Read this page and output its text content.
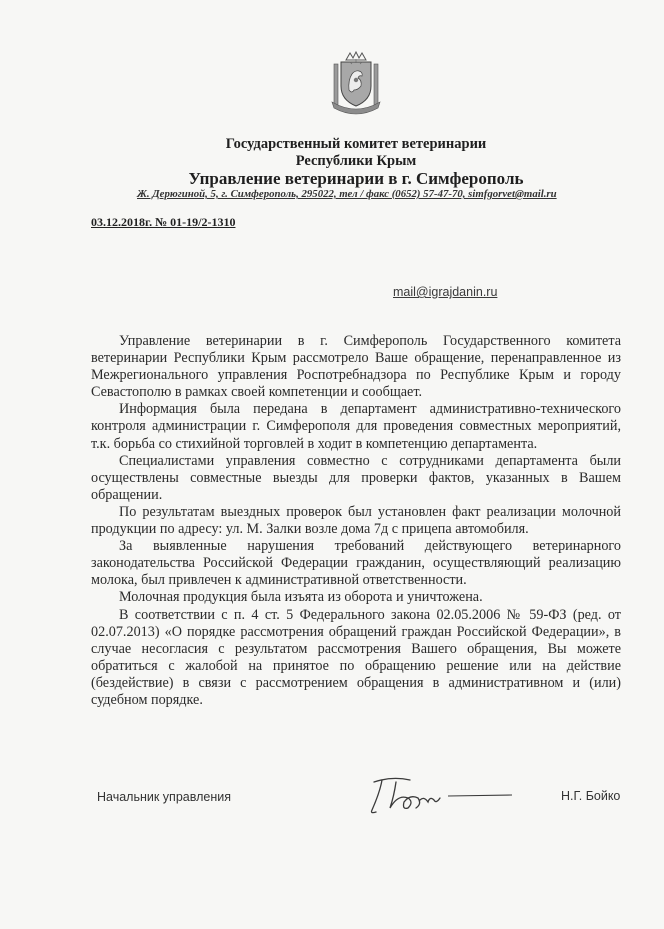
Государственный комитет ветеринарии
Республики Крым
Управление ветеринарии в г. Симферополь
Ж. Дерюгиной, 5, г. Симферополь, 295022, тел / факс (0652) 57-47-70, simfgorvet@mail.ru
03.12.2018г. № 01-19/2-1310
mail@igrajdanin.ru

Управление ветеринарии в г. Симферополь Государственного комитета ветеринарии Республики Крым рассмотрело Ваше обращение, перенаправленное из Межрегионального управления Роспотребнадзора по Республике Крым и городу Севастополю в рамках своей компетенции и сообщает.

Информация была передана в департамент административно-технического контроля администрации г. Симферополя для проведения совместных мероприятий, т.к. борьба со стихийной торговлей в ходит в компетенцию департамента.

Специалистами управления совместно с сотрудниками департамента были осуществлены совместные выезды для проверки фактов, указанных в Вашем обращении.

По результатам выездных проверок был установлен факт реализации молочной продукции по адресу: ул. М. Залки возле дома 7д с прицепа автомобиля.

За выявленные нарушения требований действующего ветеринарного законодательства Российской Федерации гражданин, осуществляющий реализацию молока, был привлечен к административной ответственности.

Молочная продукция была изъята из оборота и уничтожена.

В соответствии с п. 4 ст. 5 Федерального закона 02.05.2006 № 59-ФЗ (ред. от 02.07.2013) «О порядке рассмотрения обращений граждан Российской Федерации», в случае несогласия с результатом рассмотрения Вашего обращения, Вы можете обратиться с жалобой на принятое по обращению решение или на действие (бездействие) в связи с рассмотрением обращения в административном и (или) судебном порядке.

Начальник управления	Н.Г. Бойко
